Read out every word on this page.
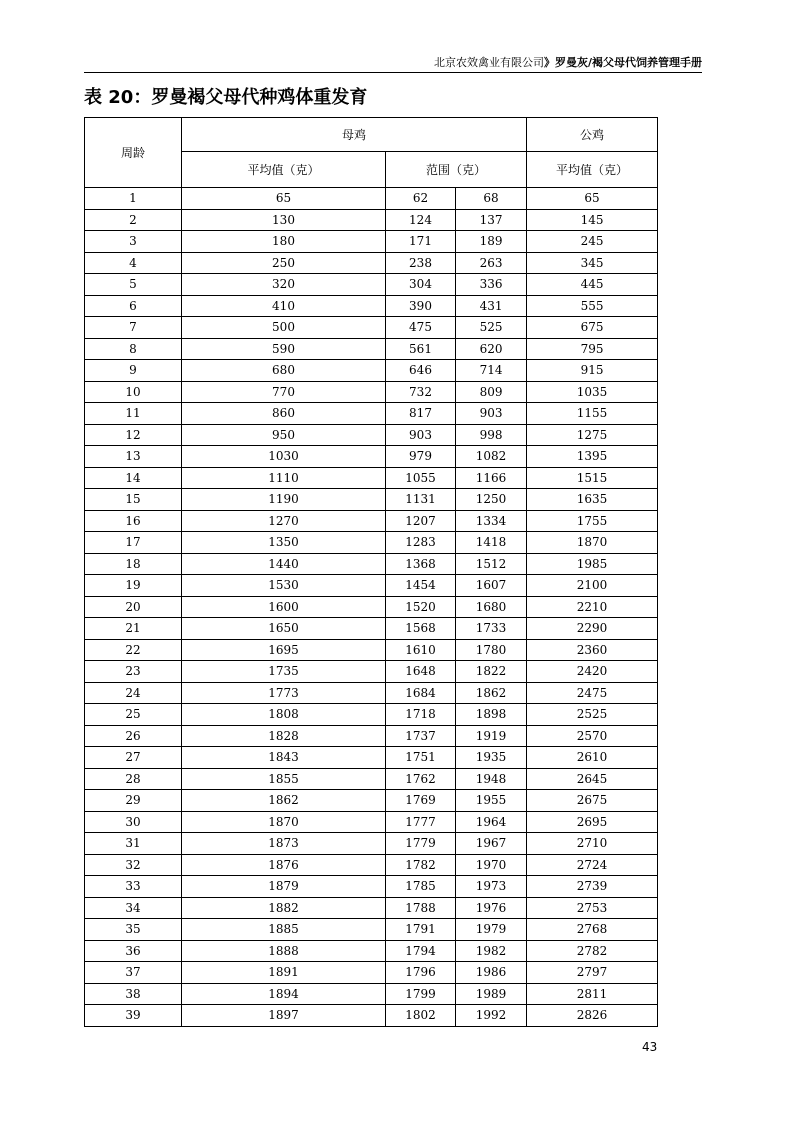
北京农效禽业有限公司》罗曼灰/褐父母代饲养管理手册
表 20：罗曼褐父母代种鸡体重发育
周龄	母鸡			公鸡
	平均值（克）	范围（克）		平均值（克）
1	65	62	68	65
2	130	124	137	145
3	180	171	189	245
4	250	238	263	345
5	320	304	336	445
6	410	390	431	555
7	500	475	525	675
8	590	561	620	795
9	680	646	714	915
10	770	732	809	1035
11	860	817	903	1155
12	950	903	998	1275
13	1030	979	1082	1395
14	1110	1055	1166	1515
15	1190	1131	1250	1635
16	1270	1207	1334	1755
17	1350	1283	1418	1870
18	1440	1368	1512	1985
19	1530	1454	1607	2100
20	1600	1520	1680	2210
21	1650	1568	1733	2290
22	1695	1610	1780	2360
23	1735	1648	1822	2420
24	1773	1684	1862	2475
25	1808	1718	1898	2525
26	1828	1737	1919	2570
27	1843	1751	1935	2610
28	1855	1762	1948	2645
29	1862	1769	1955	2675
30	1870	1777	1964	2695
31	1873	1779	1967	2710
32	1876	1782	1970	2724
33	1879	1785	1973	2739
34	1882	1788	1976	2753
35	1885	1791	1979	2768
36	1888	1794	1982	2782
37	1891	1796	1986	2797
38	1894	1799	1989	2811
39	1897	1802	1992	2826
43
